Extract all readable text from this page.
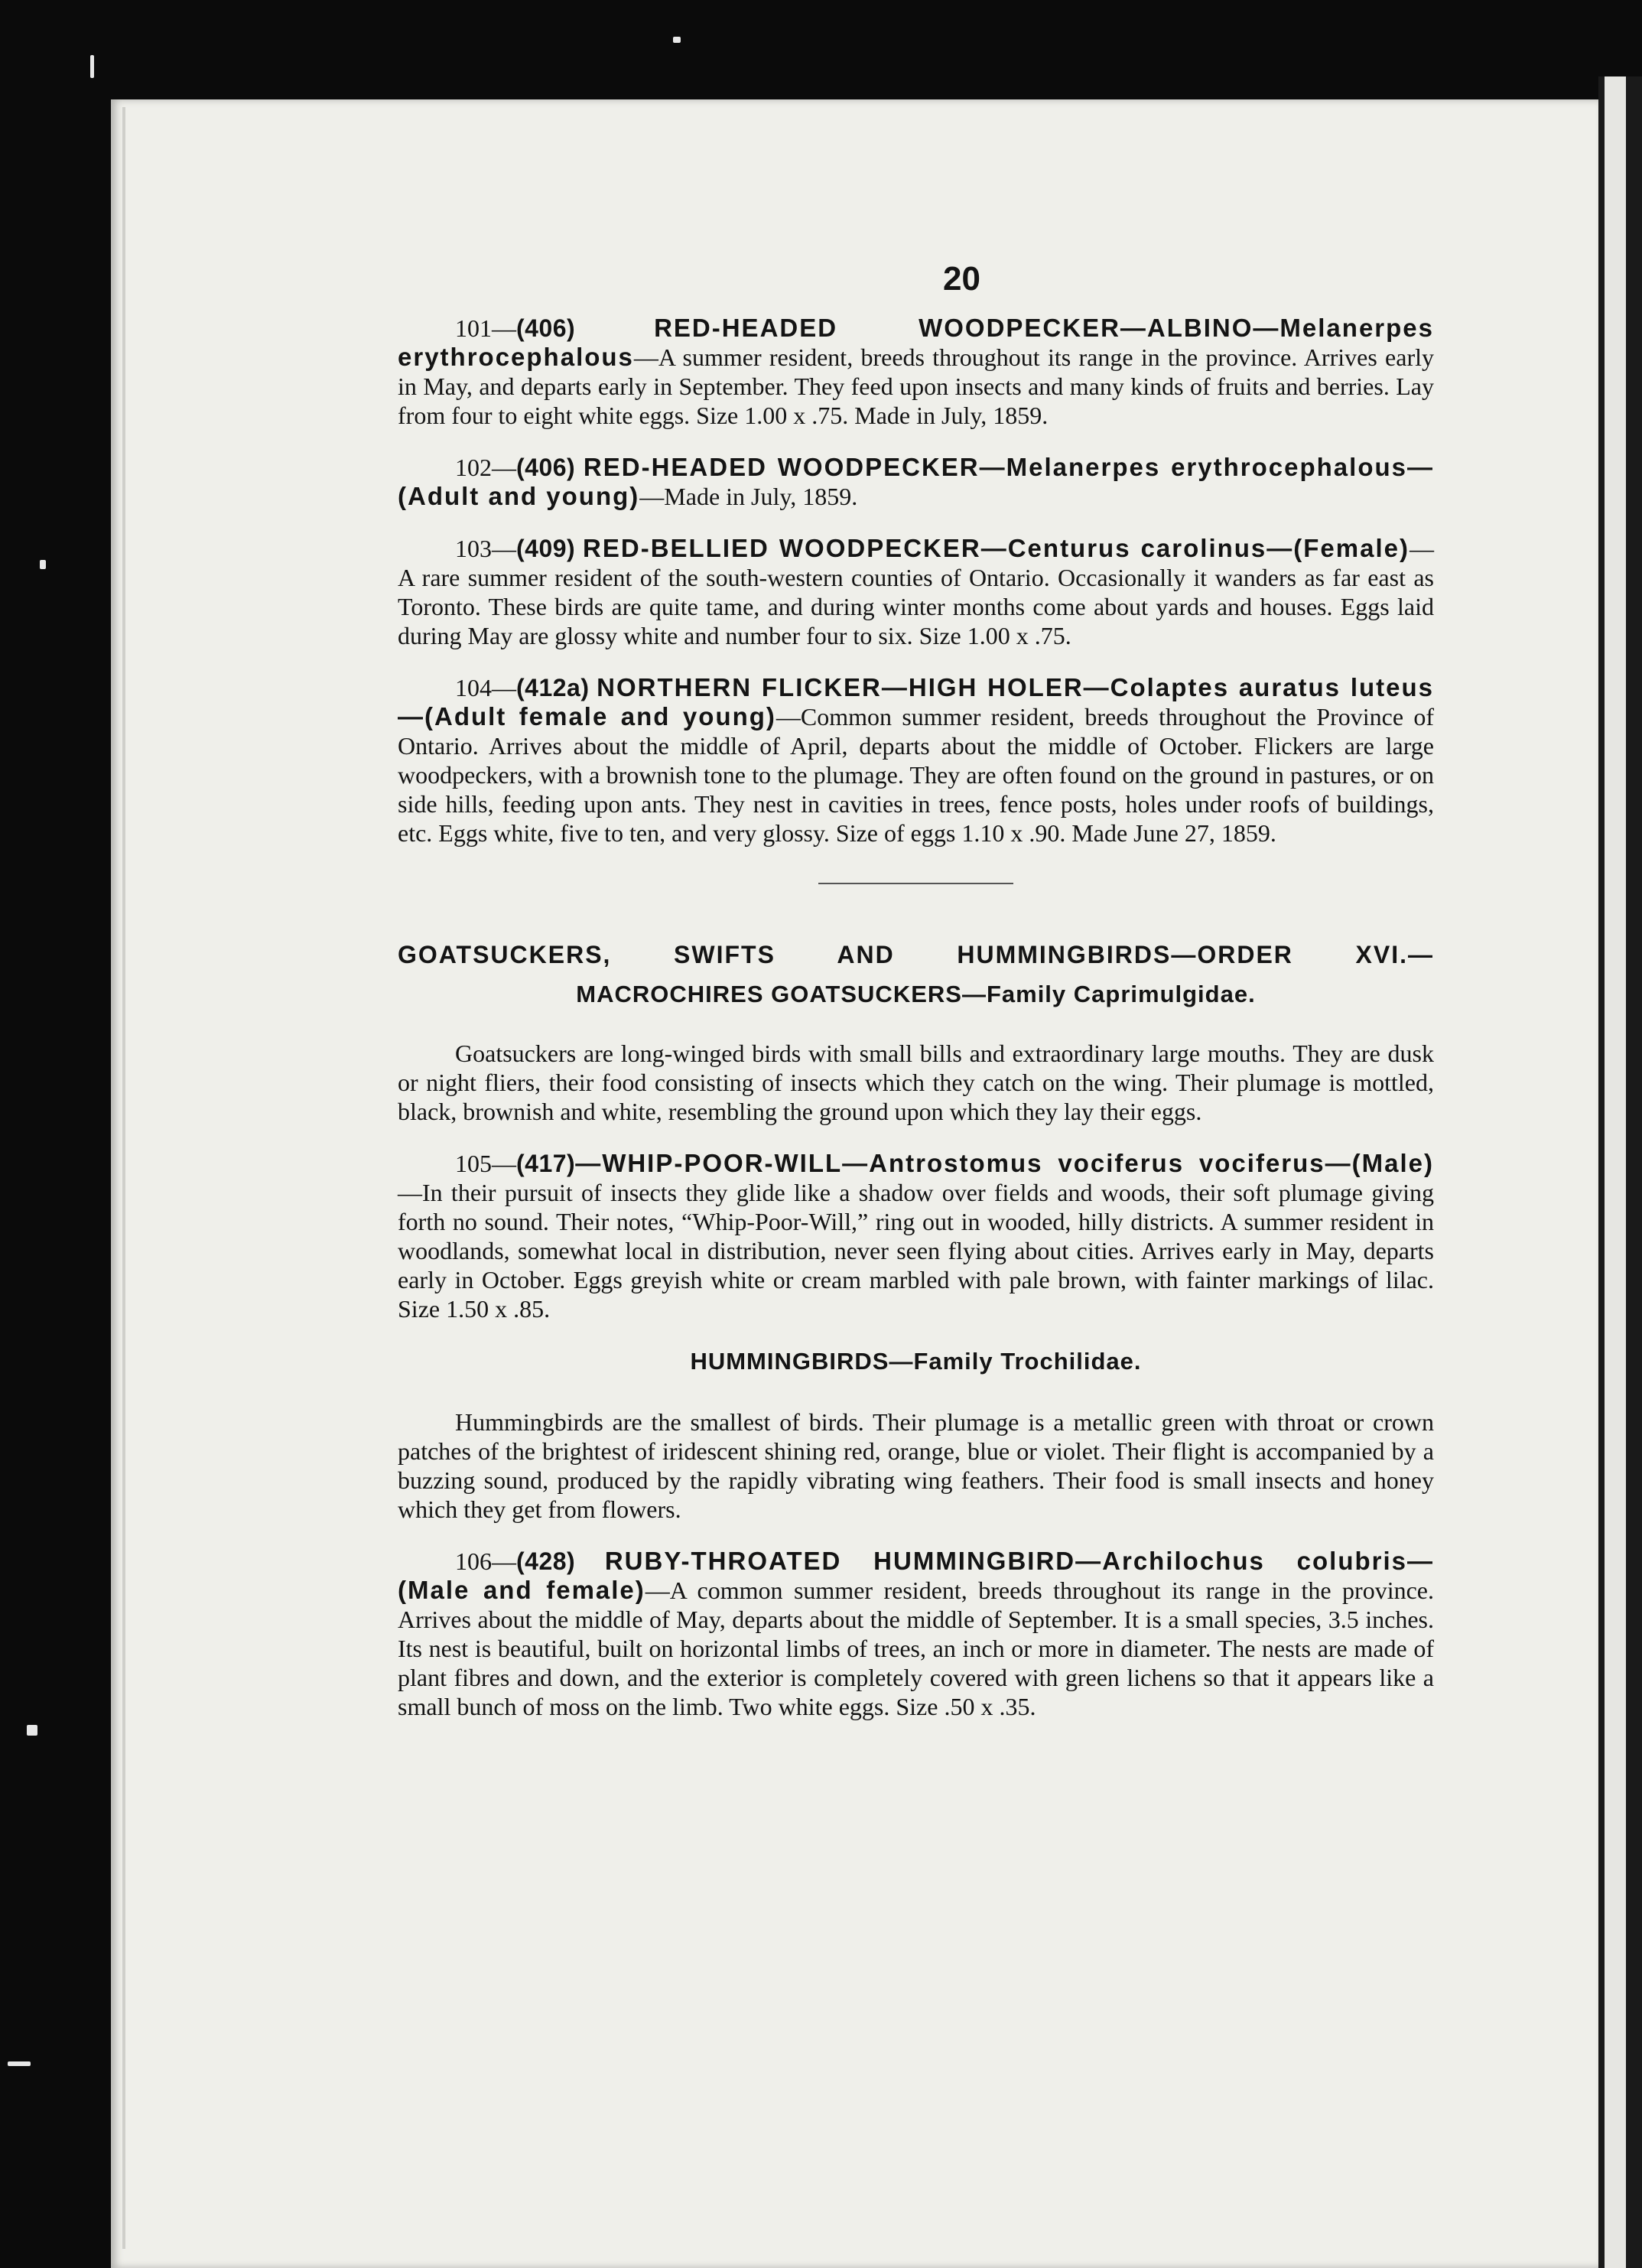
20

101—(406)	RED-HEADED WOODPECKER—ALBINO—Melanerpes erythrocephalous—A summer resident, breeds throughout its range in the province. Arrives early in May, and departs early in September. They feed upon insects and many kinds of fruits and berries. Lay from four to eight white eggs. Size 1.00 x .75. Made in July, 1859.

102—(406) RED-HEADED WOODPECKER—Melanerpes erythrocephalous—(Adult and young)—Made in July, 1859.

103—(409) RED-BELLIED WOODPECKER—Centurus carolinus—(Female)—A rare summer resident of the south-western counties of Ontario. Occasionally it wanders as far east as Toronto. These birds are quite tame, and during winter months come about yards and houses. Eggs laid during May are glossy white and number four to six. Size 1.00 x .75.

104—(412a) NORTHERN FLICKER—HIGH HOLER—Colaptes auratus luteus—(Adult female and young)—Common summer resident, breeds throughout the Province of Ontario. Arrives about the middle of April, departs about the middle of October. Flickers are large woodpeckers, with a brownish tone to the plumage. They are often found on the ground in pastures, or on side hills, feeding upon ants. They nest in cavities in trees, fence posts, holes under roofs of buildings, etc. Eggs white, five to ten, and very glossy. Size of eggs 1.10 x .90. Made June 27, 1859.

GOATSUCKERS, SWIFTS AND HUMMINGBIRDS—ORDER XVI.—
MACROCHIRES GOATSUCKERS—Family Caprimulgidae.

Goatsuckers are long-winged birds with small bills and extraordinary large mouths. They are dusk or night fliers, their food consisting of insects which they catch on the wing. Their plumage is mottled, black, brownish and white, resembling the ground upon which they lay their eggs.

105—(417)—WHIP-POOR-WILL—Antrostomus vociferus vociferus—(Male)—In their pursuit of insects they glide like a shadow over fields and woods, their soft plumage giving forth no sound. Their notes, “Whip-Poor-Will,” ring out in wooded, hilly districts. A summer resident in woodlands, somewhat local in distribution, never seen flying about cities. Arrives early in May, departs early in October. Eggs greyish white or cream marbled with pale brown, with fainter markings of lilac. Size 1.50 x .85.

HUMMINGBIRDS—Family Trochilidae.

Hummingbirds are the smallest of birds. Their plumage is a metallic green with throat or crown patches of the brightest of iridescent shining red, orange, blue or violet. Their flight is accompanied by a buzzing sound, produced by the rapidly vibrating wing feathers. Their food is small insects and honey which they get from flowers.

106—(428) RUBY-THROATED HUMMINGBIRD—Archilochus colubris—(Male and female)—A common summer resident, breeds throughout its range in the province. Arrives about the middle of May, departs about the middle of September. It is a small species, 3.5 inches. Its nest is beautiful, built on horizontal limbs of trees, an inch or more in diameter. The nests are made of plant fibres and down, and the exterior is completely covered with green lichens so that it appears like a small bunch of moss on the limb. Two white eggs. Size .50 x .35.
